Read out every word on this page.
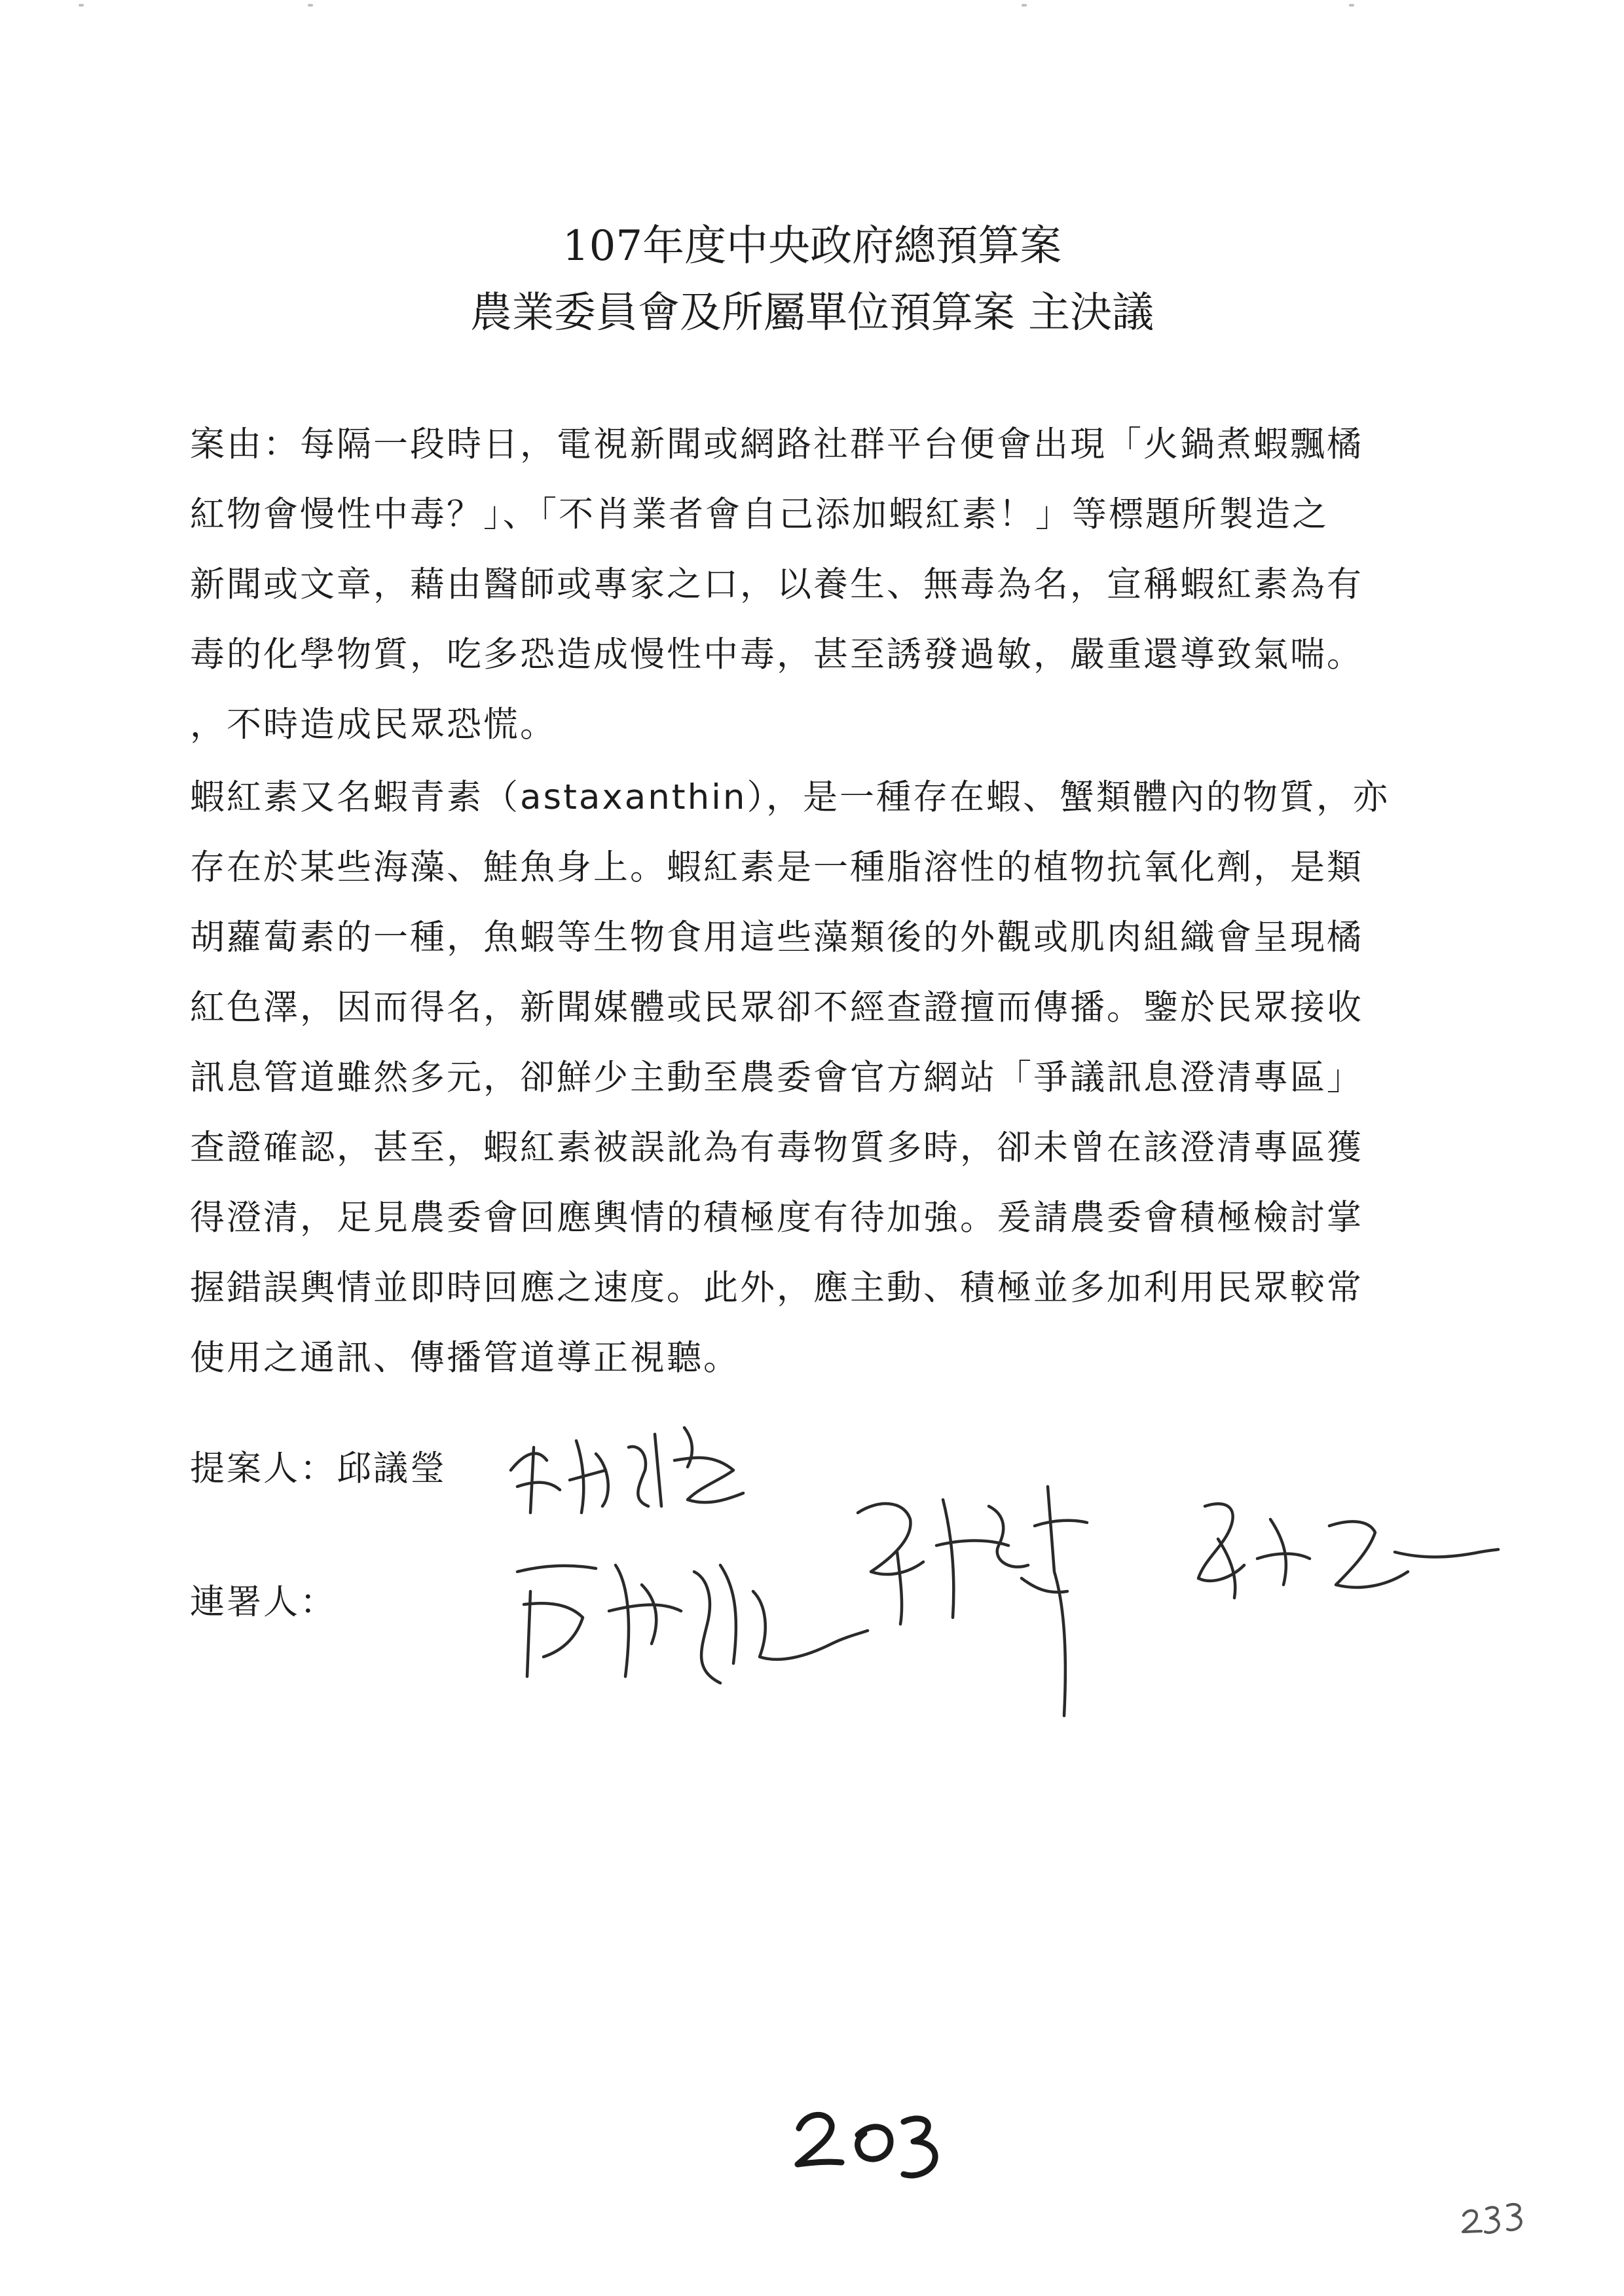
107年度中央政府總預算案
農業委員會及所屬單位預算案 主決議
案由：每隔一段時日，電視新聞或網路社群平台便會出現「火鍋煮蝦飄橘
紅物會慢性中毒？」、「不肖業者會自己添加蝦紅素！」等標題所製造之
新聞或文章，藉由醫師或專家之口，以養生、無毒為名，宣稱蝦紅素為有
毒的化學物質，吃多恐造成慢性中毒，甚至誘發過敏，嚴重還導致氣喘。
，不時造成民眾恐慌。
蝦紅素又名蝦青素（astaxanthin），是一種存在蝦、蟹類體內的物質，亦
存在於某些海藻、鮭魚身上。蝦紅素是一種脂溶性的植物抗氧化劑，是類
胡蘿蔔素的一種，魚蝦等生物食用這些藻類後的外觀或肌肉組織會呈現橘
紅色澤，因而得名，新聞媒體或民眾卻不經查證擅而傳播。鑒於民眾接收
訊息管道雖然多元，卻鮮少主動至農委會官方網站「爭議訊息澄清專區」
查證確認，甚至，蝦紅素被誤訛為有毒物質多時，卻未曾在該澄清專區獲
得澄清，足見農委會回應輿情的積極度有待加強。爰請農委會積極檢討掌
握錯誤輿情並即時回應之速度。此外，應主動、積極並多加利用民眾較常
使用之通訊、傳播管道導正視聽。
提案人：邱議瑩
連署人：
